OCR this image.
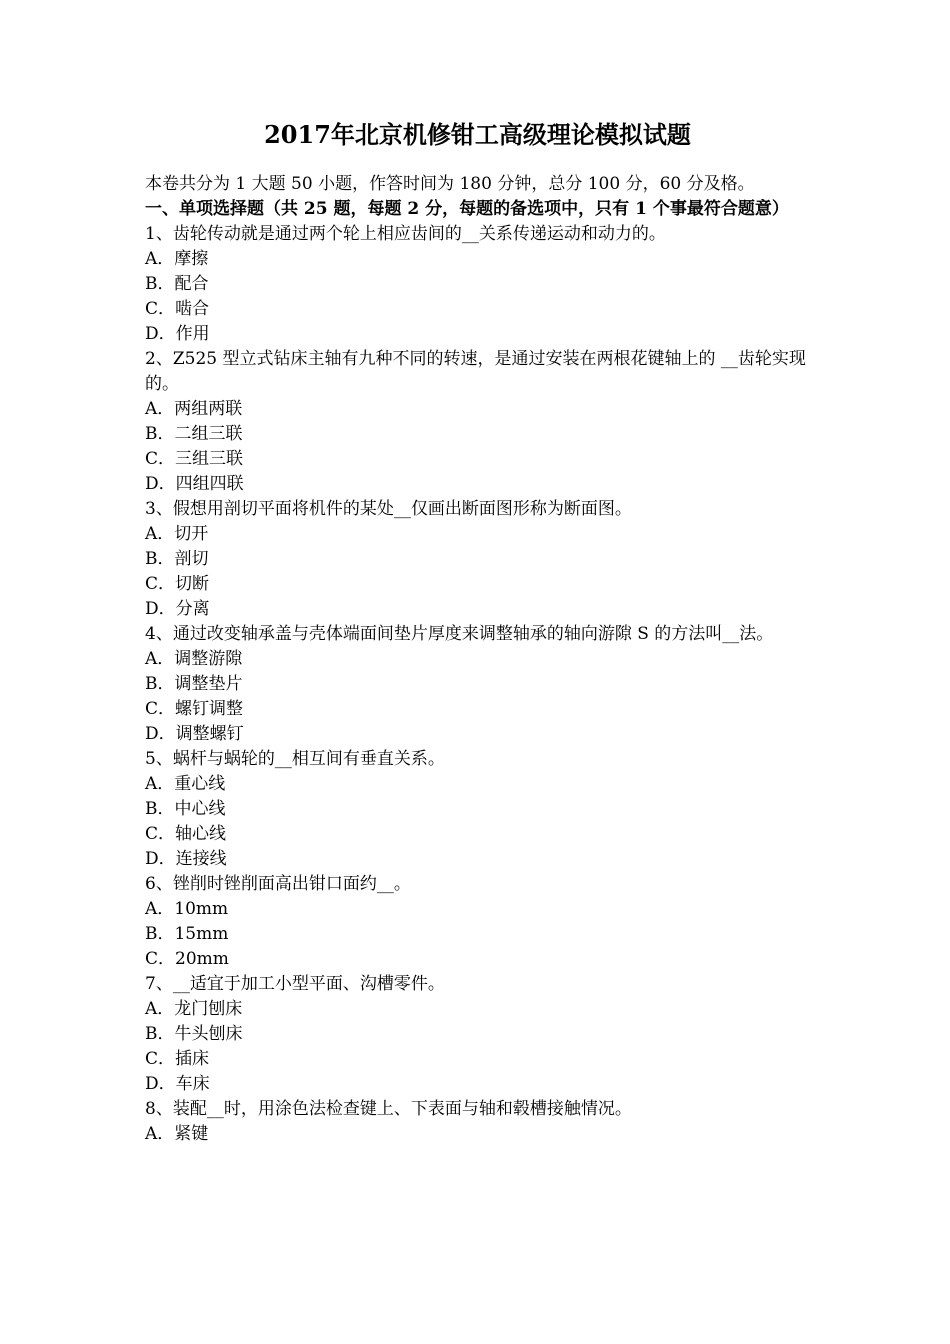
2017年北京机修钳工高级理论模拟试题
本卷共分为 1 大题 50 小题，作答时间为 180 分钟，总分 100 分，60 分及格。
一、单项选择题（共 25 题，每题 2 分，每题的备选项中，只有 1 个事最符合题意）
1、齿轮传动就是通过两个轮上相应齿间的__关系传递运动和动力的。
A．摩擦
B．配合
C．啮合
D．作用
2、Z525 型立式钻床主轴有九种不同的转速，是通过安装在两根花键轴上的 __齿轮实现的。
A．两组两联
B．二组三联
C．三组三联
D．四组四联
3、假想用剖切平面将机件的某处__仅画出断面图形称为断面图。
A．切开
B．剖切
C．切断
D．分离
4、通过改变轴承盖与壳体端面间垫片厚度来调整轴承的轴向游隙 S 的方法叫__法。
A．调整游隙
B．调整垫片
C．螺钉调整
D．调整螺钉
5、蜗杆与蜗轮的__相互间有垂直关系。
A．重心线
B．中心线
C．轴心线
D．连接线
6、锉削时锉削面高出钳口面约__。
A．10mm
B．15mm
C．20mm
7、__适宜于加工小型平面、沟槽零件。
A．龙门刨床
B．牛头刨床
C．插床
D．车床
8、装配__时，用涂色法检查键上、下表面与轴和毂槽接触情况。
A．紧键
